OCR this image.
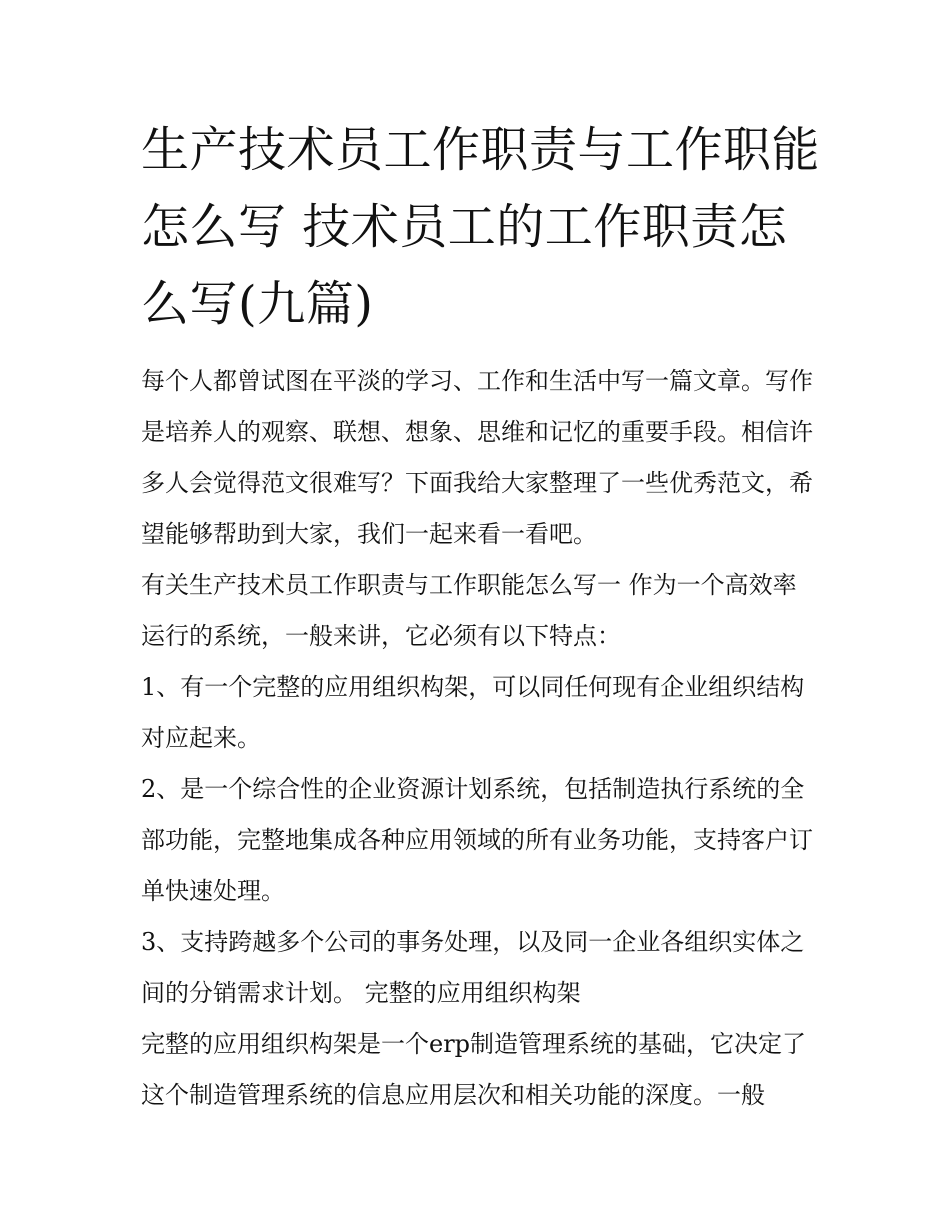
生产技术员工作职责与工作职能怎么写 技术员工的工作职责怎么写(九篇)

每个人都曾试图在平淡的学习、工作和生活中写一篇文章。写作是培养人的观察、联想、想象、思维和记忆的重要手段。相信许多人会觉得范文很难写？下面我给大家整理了一些优秀范文，希望能够帮助到大家，我们一起来看一看吧。

有关生产技术员工作职责与工作职能怎么写一 作为一个高效率运行的系统，一般来讲，它必须有以下特点：

1、有一个完整的应用组织构架，可以同任何现有企业组织结构对应起来。

2、是一个综合性的企业资源计划系统，包括制造执行系统的全部功能，完整地集成各种应用领域的所有业务功能，支持客户订单快速处理。

3、支持跨越多个公司的事务处理，以及同一企业各组织实体之间的分销需求计划。 完整的应用组织构架

完整的应用组织构架是一个erp制造管理系统的基础，它决定了这个制造管理系统的信息应用层次和相关功能的深度。一般
